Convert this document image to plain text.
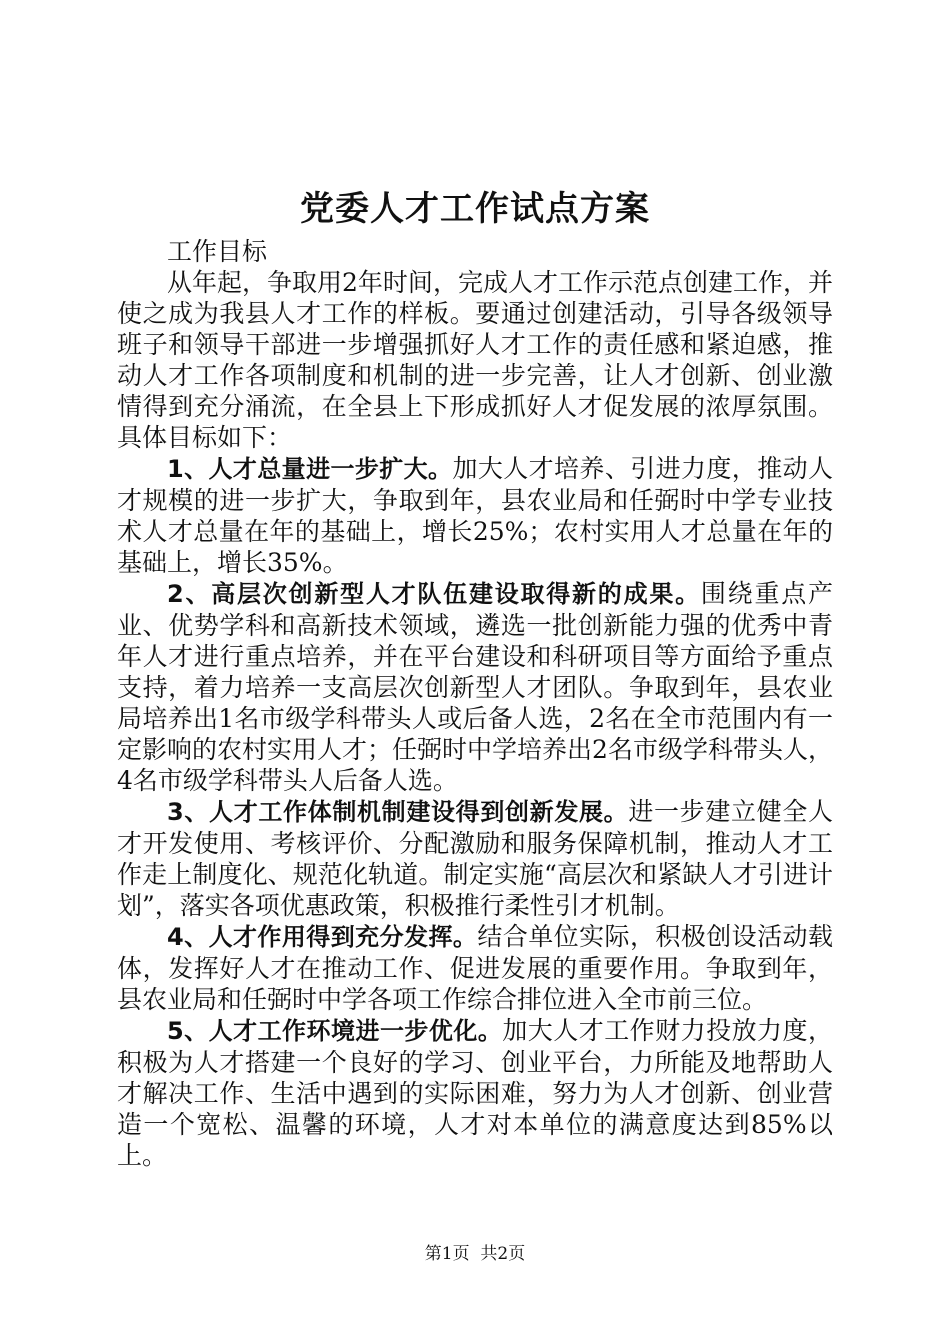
党委人才工作试点方案

工作目标

从年起，争取用2年时间，完成人才工作示范点创建工作，并使之成为我县人才工作的样板。要通过创建活动，引导各级领导班子和领导干部进一步增强抓好人才工作的责任感和紧迫感，推动人才工作各项制度和机制的进一步完善，让人才创新、创业激情得到充分涌流，在全县上下形成抓好人才促发展的浓厚氛围。具体目标如下：

1、人才总量进一步扩大。加大人才培养、引进力度，推动人才规模的进一步扩大，争取到年，县农业局和任弼时中学专业技术人才总量在年的基础上，增长25%；农村实用人才总量在年的基础上，增长35%。

2、高层次创新型人才队伍建设取得新的成果。围绕重点产业、优势学科和高新技术领域，遴选一批创新能力强的优秀中青年人才进行重点培养，并在平台建设和科研项目等方面给予重点支持，着力培养一支高层次创新型人才团队。争取到年，县农业局培养出1名市级学科带头人或后备人选，2名在全市范围内有一定影响的农村实用人才；任弼时中学培养出2名市级学科带头人，4名市级学科带头人后备人选。

3、人才工作体制机制建设得到创新发展。进一步建立健全人才开发使用、考核评价、分配激励和服务保障机制，推动人才工作走上制度化、规范化轨道。制定实施“高层次和紧缺人才引进计划”，落实各项优惠政策，积极推行柔性引才机制。

4、人才作用得到充分发挥。结合单位实际，积极创设活动载体，发挥好人才在推动工作、促进发展的重要作用。争取到年，县农业局和任弼时中学各项工作综合排位进入全市前三位。

5、人才工作环境进一步优化。加大人才工作财力投放力度，积极为人才搭建一个良好的学习、创业平台，力所能及地帮助人才解决工作、生活中遇到的实际困难，努力为人才创新、创业营造一个宽松、温馨的环境，人才对本单位的满意度达到85%以上。

第1页 共2页
